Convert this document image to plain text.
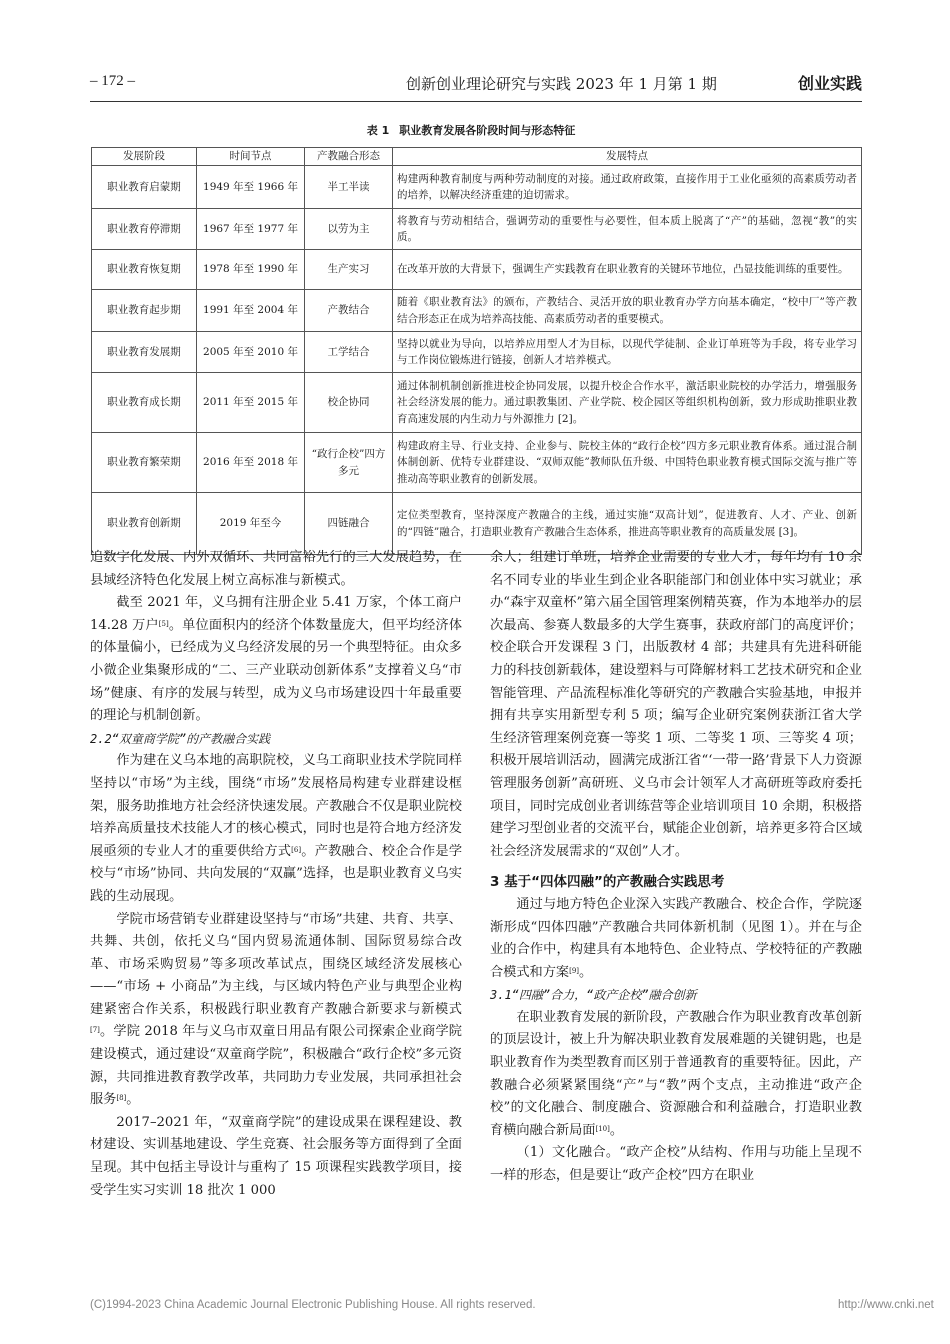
– 172 –	创新创业理论研究与实践 2023 年 1 月第 1 期	创业实践
表 1 职业教育发展各阶段时间与形态特征
发展阶段	时间节点	产教融合形态	发展特点
职业教育启蒙期	1949 年至 1966 年	半工半读	构建两种教育制度与两种劳动制度的对接。通过政府政策，直接作用于工业化亟须的高素质劳动者的培养，以解决经济重建的迫切需求。
职业教育停滞期	1967 年至 1977 年	以劳为主	将教育与劳动相结合，强调劳动的重要性与必要性，但本质上脱离了“产”的基础，忽视“教”的实质。
职业教育恢复期	1978 年至 1990 年	生产实习	在改革开放的大背景下，强调生产实践教育在职业教育的关键环节地位，凸显技能训练的重要性。
职业教育起步期	1991 年至 2004 年	产教结合	随着《职业教育法》的颁布，产教结合、灵活开放的职业教育办学方向基本确定，“校中厂”等产教结合形态正在成为培养高技能、高素质劳动者的重要模式。
职业教育发展期	2005 年至 2010 年	工学结合	坚持以就业为导向，以培养应用型人才为目标，以现代学徒制、企业订单班等为手段，将专业学习与工作岗位锻炼进行链接，创新人才培养模式。
职业教育成长期	2011 年至 2015 年	校企协同	通过体制机制创新推进校企协同发展，以提升校企合作水平，激活职业院校的办学活力，增强服务社会经济发展的能力。通过职教集团、产业学院、校企园区等组织机构创新，致力形成助推职业教育高速发展的内生动力与外源推力 [2]。
职业教育繁荣期	2016 年至 2018 年	“政行企校”四方多元	构建政府主导、行业支持、企业参与、院校主体的“政行企校”四方多元职业教育体系。通过混合制体制创新、优特专业群建设、“双师双能”教师队伍升级、中国特色职业教育模式国际交流与推广等推动高等职业教育的创新发展。
职业教育创新期	2019 年至今	四链融合	定位类型教育，坚持深度产教融合的主线，通过实施“双高计划”，促进教育、人才、产业、创新的“四链”融合，打造职业教育产教融合生态体系，推进高等职业教育的高质量发展 [3]。

追数字化发展、内外双循环、共同富裕先行的三大发展趋势，在县域经济特色化发展上树立高标准与新模式。

截至 2021 年，义乌拥有注册企业 5.41 万家，个体工商户 14.28 万户[5]。单位面积内的经济个体数量庞大，但平均经济体的体量偏小，已经成为义乌经济发展的另一个典型特征。由众多小微企业集聚形成的“二、三产业联动创新体系”支撑着义乌“市场”健康、有序的发展与转型，成为义乌市场建设四十年最重要的理论与机制创新。

2.2“双童商学院”的产教融合实践

作为建在义乌本地的高职院校，义乌工商职业技术学院同样坚持以“市场”为主线，围绕“市场”发展格局构建专业群建设框架，服务助推地方社会经济快速发展。产教融合不仅是职业院校培养高质量技术技能人才的核心模式，同时也是符合地方经济发展亟须的专业人才的重要供给方式[6]。产教融合、校企合作是学校与“市场”协同、共向发展的“双赢”选择，也是职业教育义乌实践的生动展现。

学院市场营销专业群建设坚持与“市场”共建、共育、共享、共舞、共创，依托义乌“国内贸易流通体制、国际贸易综合改革、市场采购贸易”等多项改革试点，围绕区域经济发展核心——“市场 + 小商品”为主线，与区域内特色产业与典型企业构建紧密合作关系，积极践行职业教育产教融合新要求与新模式[7]。学院 2018 年与义乌市双童日用品有限公司探索企业商学院建设模式，通过建设“双童商学院”，积极融合“政行企校”多元资源，共同推进教育教学改革，共同助力专业发展，共同承担社会服务[8]。

2017–2021 年，“双童商学院”的建设成果在课程建设、教材建设、实训基地建设、学生竞赛、社会服务等方面得到了全面呈现。其中包括主导设计与重构了 15 项课程实践教学项目，接受学生实习实训 18 批次 1 000

余人；组建订单班，培养企业需要的专业人才，每年均有 10 余名不同专业的毕业生到企业各职能部门和创业体中实习就业；承办“森宇双童杯”第六届全国管理案例精英赛，作为本地举办的层次最高、参赛人数最多的大学生赛事，获政府部门的高度评价；校企联合开发课程 3 门，出版教材 4 部；共建具有先进科研能力的科技创新载体，建设塑料与可降解材料工艺技术研究和企业智能管理、产品流程标准化等研究的产教融合实验基地，申报并拥有共享实用新型专利 5 项；编写企业研究案例获浙江省大学生经济管理案例竞赛一等奖 1 项、二等奖 1 项、三等奖 4 项；积极开展培训活动，圆满完成浙江省“‘一带一路’背景下人力资源管理服务创新”高研班、义乌市会计领军人才高研班等政府委托项目，同时完成创业者训练营等企业培训项目 10 余期，积极搭建学习型创业者的交流平台，赋能企业创新，培养更多符合区域社会经济发展需求的“双创”人才。

3 基于“四体四融”的产教融合实践思考

通过与地方特色企业深入实践产教融合、校企合作，学院逐渐形成“四体四融”产教融合共同体新机制（见图 1）。并在与企业的合作中，构建具有本地特色、企业特点、学校特征的产教融合模式和方案[9]。

3.1“四融”合力，“政产企校”融合创新

在职业教育发展的新阶段，产教融合作为职业教育改革创新的顶层设计，被上升为解决职业教育发展难题的关键钥匙，也是职业教育作为类型教育而区别于普通教育的重要特征。因此，产教融合必须紧紧围绕“产”与“教”两个支点，主动推进“政产企校”的文化融合、制度融合、资源融合和利益融合，打造职业教育横向融合新局面[10]。

（1）文化融合。“政产企校”从结构、作用与功能上呈现不一样的形态，但是要让“政产企校”四方在职业

(C)1994-2023 China Academic Journal Electronic Publishing House. All rights reserved.	http://www.cnki.net
